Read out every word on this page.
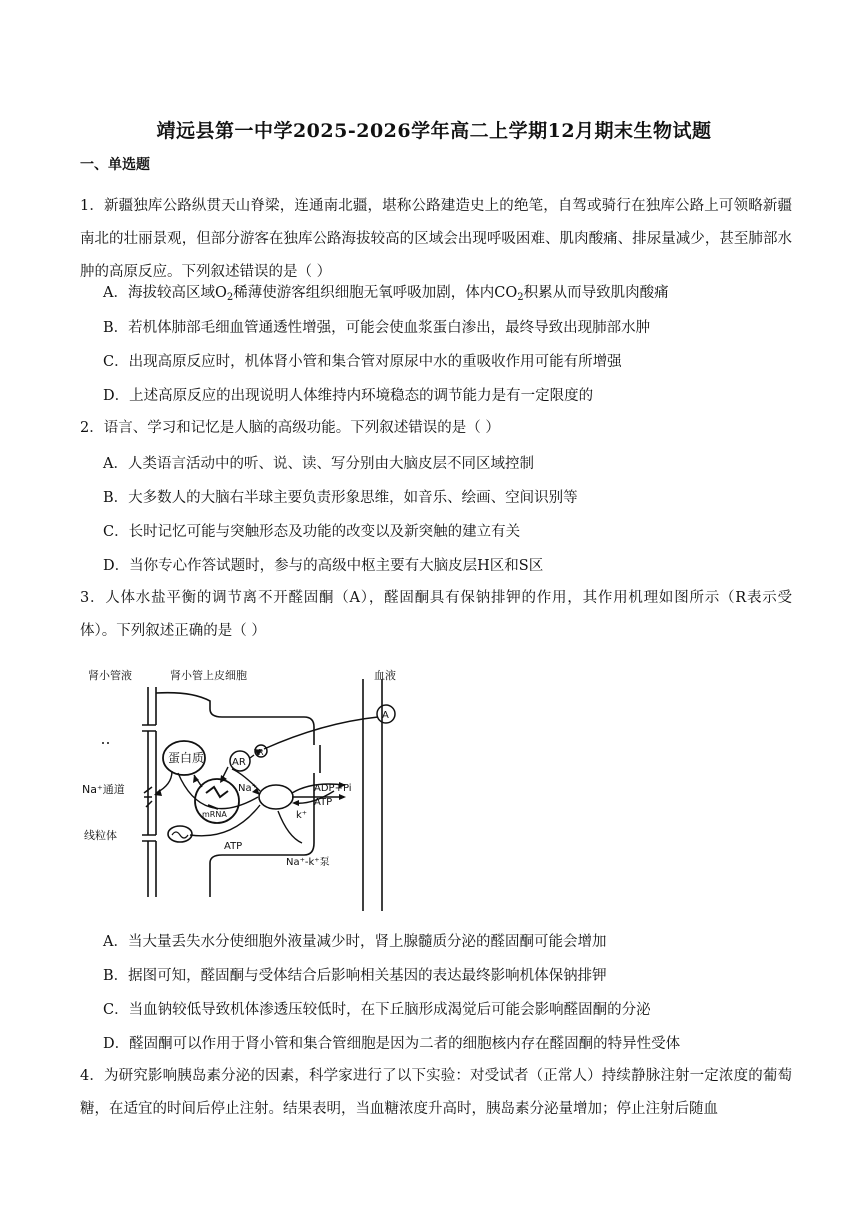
靖远县第一中学2025-2026学年高二上学期12月期末生物试题
一、单选题
1．新疆独库公路纵贯天山脊梁，连通南北疆，堪称公路建造史上的绝笔，自驾或骑行在独库公路上可领略新疆南北的壮丽景观，但部分游客在独库公路海拔较高的区域会出现呼吸困难、肌肉酸痛、排尿量减少，甚至肺部水肿的高原反应。下列叙述错误的是（ ）
A．海拔较高区域$O_2$稀薄使游客组织细胞无氧呼吸加剧，体内$CO_2$积累从而导致肌肉酸痛
B．若机体肺部毛细血管通透性增强，可能会使血浆蛋白渗出，最终导致出现肺部水肿
C．出现高原反应时，机体肾小管和集合管对原尿中水的重吸收作用可能有所增强
D．上述高原反应的出现说明人体维持内环境稳态的调节能力是有一定限度的
2．语言、学习和记忆是人脑的高级功能。下列叙述错误的是（ ）
A．人类语言活动中的听、说、读、写分别由大脑皮层不同区域控制
B．大多数人的大脑右半球主要负责形象思维，如音乐、绘画、空间识别等
C．长时记忆可能与突触形态及功能的改变以及新突触的建立有关
D．当你专心作答试题时，参与的高级中枢主要有大脑皮层H区和S区
3．人体水盐平衡的调节离不开醛固酮（A），醛固酮具有保钠排钾的作用，其作用机理如图所示（R表示受体）。下列叙述正确的是（ ）
肾小管液	肾小管上皮细胞	血液
A
R
AR
蛋白质
Na⁺
mRNA
ADP+Pi
ATP
k⁺
Na⁺通道
线粒体
ATP
Na⁺-k⁺泵
A．当大量丢失水分使细胞外液量减少时，肾上腺髓质分泌的醛固酮可能会增加
B．据图可知，醛固酮与受体结合后影响相关基因的表达最终影响机体保钠排钾
C．当血钠较低导致机体渗透压较低时，在下丘脑形成渴觉后可能会影响醛固酮的分泌
D．醛固酮可以作用于肾小管和集合管细胞是因为二者的细胞核内存在醛固酮的特异性受体
4．为研究影响胰岛素分泌的因素，科学家进行了以下实验：对受试者（正常人）持续静脉注射一定浓度的葡萄糖，在适宜的时间后停止注射。结果表明，当血糖浓度升高时，胰岛素分泌量增加；停止注射后随血
